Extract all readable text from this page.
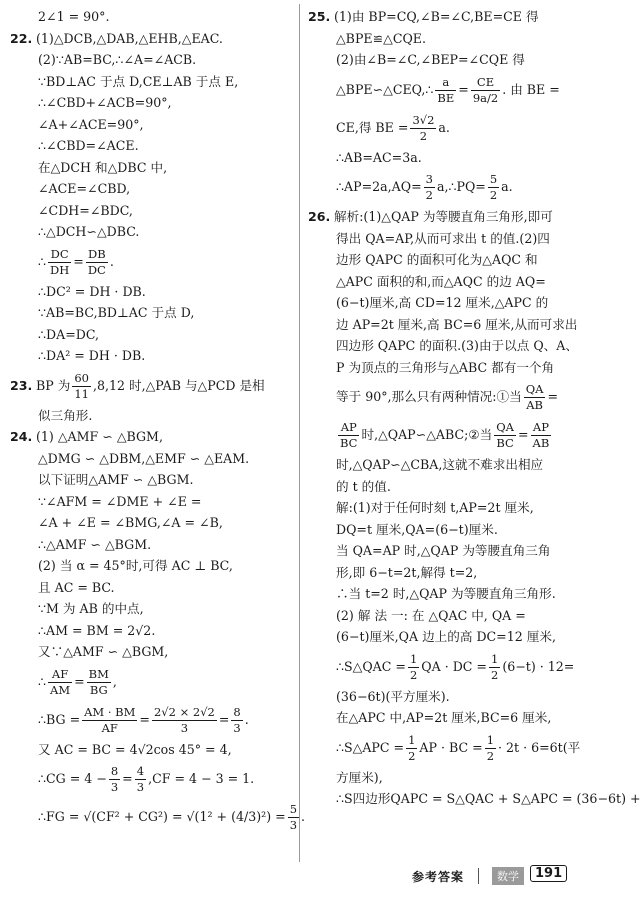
2∠1 = 90°.
22. (1)△DCB,△DAB,△EHB,△EAC.
(2)∵AB=BC,∴∠A=∠ACB.
∵BD⊥AC 于点 D,CE⊥AB 于点 E,
∴∠CBD+∠ACB=90°,
∠A+∠ACE=90°,
∴∠CBD=∠ACE.
在△DCH 和△DBC 中,
∠ACE=∠CBD,
∠CDH=∠BDC,
∴△DCH∽△DBC.
∴ $\frac{DC}{DH} = \frac{DB}{DC}$ .
∴DC² = DH · DB.
∵AB=BC,BD⊥AC 于点 D,
∴DA=DC,
∴DA² = DH · DB.
23. BP 为 $\frac{60}{11} ,8,12$ 时,△PAB 与△PCD 是相
似三角形.
24. (1) △AMF ∽ △BGM,
△DMG ∽ △DBM,△EMF ∽ △EAM.
以下证明△AMF ∽ △BGM.
∵∠AFM = ∠DME + ∠E =
∠A + ∠E = ∠BMG,∠A = ∠B,
∴△AMF ∽ △BGM.
(2) 当 α = 45°时,可得 AC ⊥ BC,
且 AC = BC.
∵M 为 AB 的中点,
∴AM = BM = 2√2.
又∵△AMF ∽ △BGM,
∴ $\frac{AF}{AM} = \frac{BM}{BG}$ ,
∴BG = $\frac{AM \cdot BM}{AF} = \frac{2√2 \times 2√2}{3} = \frac{8}{3}$ .
又 AC = BC = 4√2cos 45° = 4,
∴CG = $4 - \frac{8}{3} = \frac{4}{3} ,CF = 4 - 3 = 1$.
∴FG = $√(CF^2 + CG^2) = √(1^2 + (4/3)^2) = \frac{5}{3}$ .
25. (1)由 BP=CQ,∠B=∠C,BE=CE 得
△BPE≌△CQE.
(2)由∠B=∠C,∠BEP=∠CQE 得
△BPE∽△CEQ,∴ $\frac{a}{BE} = \frac{CE}{9a/2}$ . 由 BE =
CE,得 BE = $\frac{3√2}{2} a$.
∴AB=AC=3a.
∴AP=2a,AQ= $\frac{3}{2}$ a,∴PQ= $\frac{5}{2} a$.
26. 解析:(1)△QAP 为等腰直角三角形,即可
得出 QA=AP,从而可求出 t 的值.(2)四
边形 QAPC 的面积可化为△AQC 和
△APC 面积的和,而△AQC 的边 AQ=
(6−t)厘米,高 CD=12 厘米,△APC 的
边 AP=2t 厘米,高 BC=6 厘米,从而可求出
四边形 QAPC 的面积.(3)由于以点 Q、A、
P 为顶点的三角形与△ABC 都有一个角
等于 90°,那么只有两种情况:①当 $\frac{QA}{AB}$ =
$\frac{AP}{BC}$ 时,△QAP∽△ABC;②当 $\frac{QA}{BC} = \frac{AP}{AB}$
时,△QAP∽△CBA,这就不难求出相应
的 t 的值.
解:(1)对于任何时刻 t,AP=2t 厘米,
DQ=t 厘米,QA=(6−t)厘米.
当 QA=AP 时,△QAP 为等腰直角三角
形,即 6−t=2t,解得 t=2,
∴当 t=2 时,△QAP 为等腰直角三角形.
(2) 解 法 一: 在 △QAC 中, QA =
(6−t)厘米,QA 边上的高 DC=12 厘米,
∴S△QAC = $\frac{1}{2}$ QA · DC = $\frac{1}{2} (6-t) \cdot 12=$
(36−6t)(平方厘米).
在△APC 中,AP=2t 厘米,BC=6 厘米,
∴S△APC = $\frac{1}{2}$ AP · BC = $\frac{1}{2} \cdot 2t \cdot 6=6t$(平
方厘米),
∴S四边形QAPC = S△QAC + S△APC = (36−6t) +
参考答案	数学	191
